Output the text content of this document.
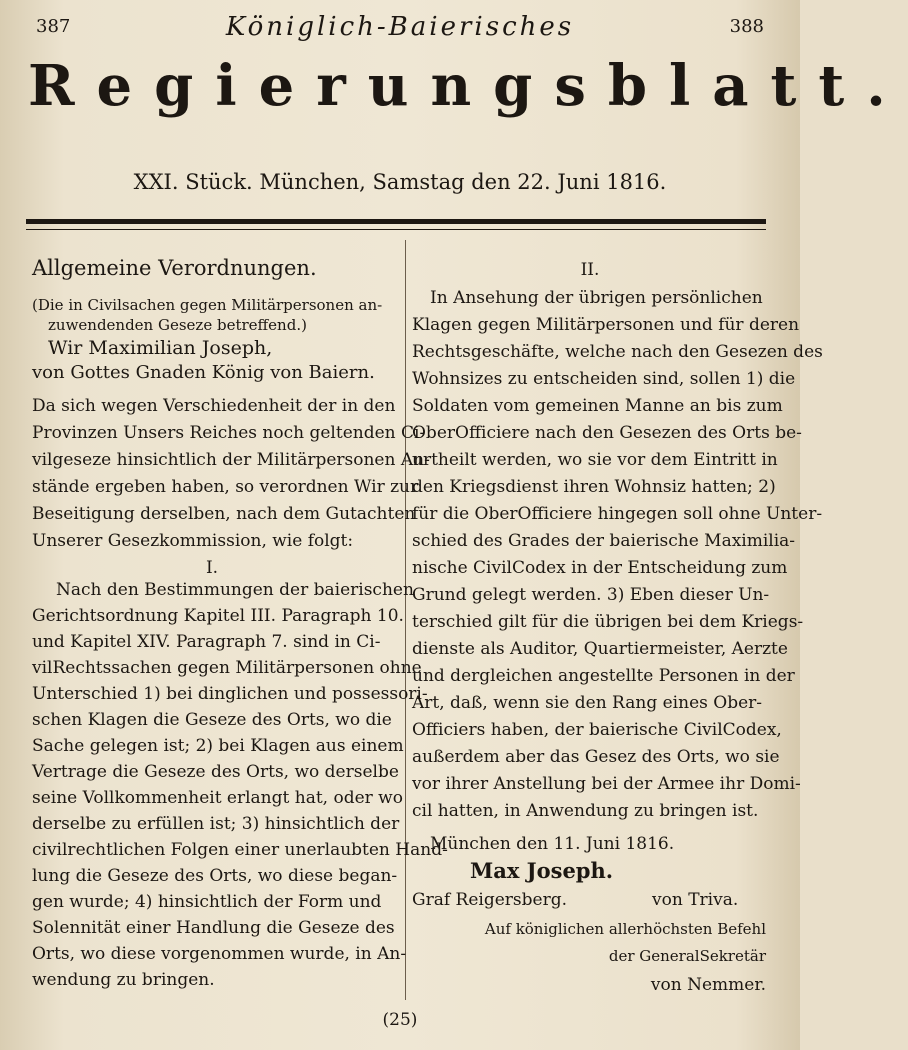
387	388
Königlich-Baierisches
Regierungsblatt.
XXI. Stück. München, Samstag den 22. Juni 1816.
Allgemeine Verordnungen.
(Die in Civilsachen gegen Militärpersonen an-
zuwendenden Geseze betreffend.)
Wir Maximilian Joseph,
von Gottes Gnaden König von Baiern.
Da sich wegen Verschiedenheit der in den
Provinzen Unsers Reiches noch geltenden Ci-
vilgeseze hinsichtlich der Militärpersonen An-
stände ergeben haben, so verordnen Wir zur
Beseitigung derselben, nach dem Gutachten
Unserer Gesezkommission, wie folgt:
I.
Nach den Bestimmungen der baierischen
Gerichtsordnung Kapitel III. Paragraph 10.
und Kapitel XIV. Paragraph 7. sind in Ci-
vilRechtssachen gegen Militärpersonen ohne
Unterschied 1) bei dinglichen und possessori-
schen Klagen die Geseze des Orts, wo die
Sache gelegen ist; 2) bei Klagen aus einem
Vertrage die Geseze des Orts, wo derselbe
seine Vollkommenheit erlangt hat, oder wo
derselbe zu erfüllen ist; 3) hinsichtlich der
civilrechtlichen Folgen einer unerlaubten Hand-
lung die Geseze des Orts, wo diese began-
gen wurde; 4) hinsichtlich der Form und
Solennität einer Handlung die Geseze des
Orts, wo diese vorgenommen wurde, in An-
wendung zu bringen.
II.
In Ansehung der übrigen persönlichen
Klagen gegen Militärpersonen und für deren
Rechtsgeschäfte, welche nach den Gesezen des
Wohnsizes zu entscheiden sind, sollen 1) die
Soldaten vom gemeinen Manne an bis zum
OberOfficiere nach den Gesezen des Orts be-
urtheilt werden, wo sie vor dem Eintritt in
den Kriegsdienst ihren Wohnsiz hatten; 2)
für die OberOfficiere hingegen soll ohne Unter-
schied des Grades der baierische Maximilia-
nische CivilCodex in der Entscheidung zum
Grund gelegt werden. 3) Eben dieser Un-
terschied gilt für die übrigen bei dem Kriegs-
dienste als Auditor, Quartiermeister, Aerzte
und dergleichen angestellte Personen in der
Art, daß, wenn sie den Rang eines Ober-
Officiers haben, der baierische CivilCodex,
außerdem aber das Gesez des Orts, wo sie
vor ihrer Anstellung bei der Armee ihr Domi-
cil hatten, in Anwendung zu bringen ist.
München den 11. Juni 1816.
Max Joseph.
Graf Reigersberg.	von Triva.
Auf königlichen allerhöchsten Befehl
der GeneralSekretär
von Nemmer.
(25)
